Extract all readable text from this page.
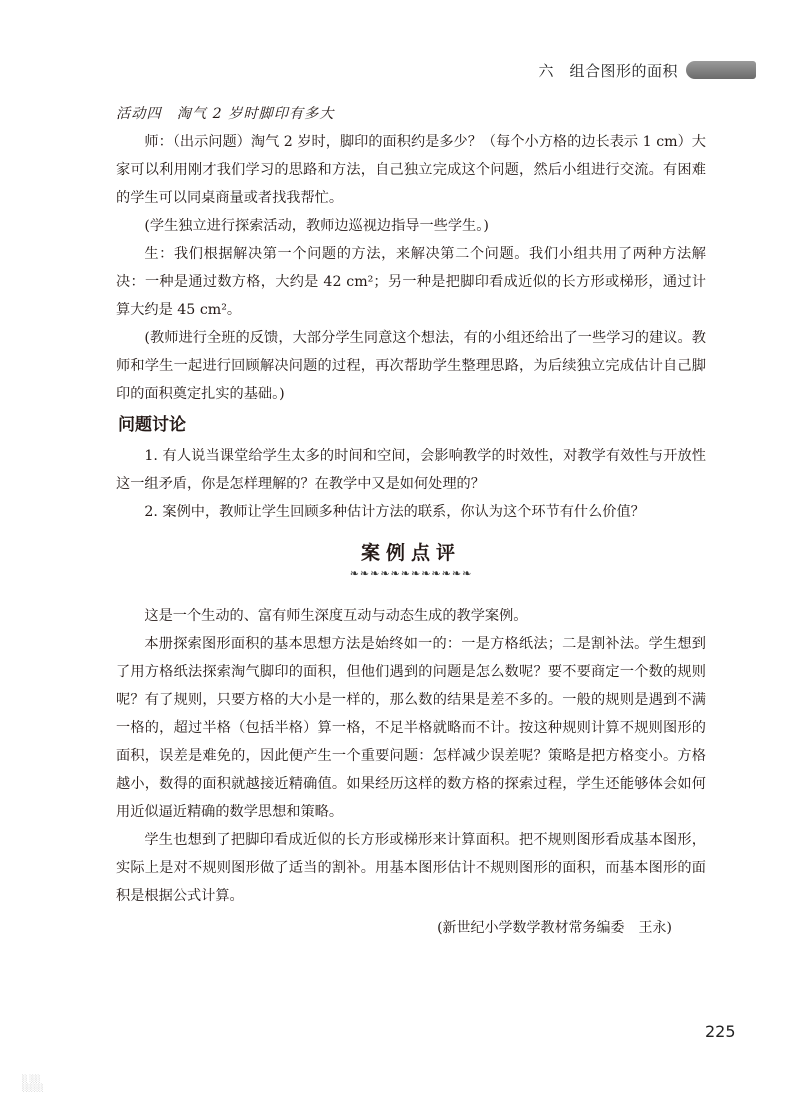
六　组合图形的面积

活动四　淘气 2 岁时脚印有多大

师：（出示问题）淘气 2 岁时，脚印的面积约是多少？（每个小方格的边长表示 1 cm）大家可以利用刚才我们学习的思路和方法，自己独立完成这个问题，然后小组进行交流。有困难的学生可以同桌商量或者找我帮忙。

(学生独立进行探索活动，教师边巡视边指导一些学生。)

生：我们根据解决第一个问题的方法，来解决第二个问题。我们小组共用了两种方法解决：一种是通过数方格，大约是 42 cm²；另一种是把脚印看成近似的长方形或梯形，通过计算大约是 45 cm²。

(教师进行全班的反馈，大部分学生同意这个想法，有的小组还给出了一些学习的建议。教师和学生一起进行回顾解决问题的过程，再次帮助学生整理思路，为后续独立完成估计自己脚印的面积奠定扎实的基础。)

问题讨论

1. 有人说当课堂给学生太多的时间和空间，会影响教学的时效性，对教学有效性与开放性这一组矛盾，你是怎样理解的？在教学中又是如何处理的？

2. 案例中，教师让学生回顾多种估计方法的联系，你认为这个环节有什么价值？

案例点评
❧❧❧❧❧❧❧❧❧❧❧❧

这是一个生动的、富有师生深度互动与动态生成的教学案例。

本册探索图形面积的基本思想方法是始终如一的：一是方格纸法；二是割补法。学生想到了用方格纸法探索淘气脚印的面积，但他们遇到的问题是怎么数呢？要不要商定一个数的规则呢？有了规则，只要方格的大小是一样的，那么数的结果是差不多的。一般的规则是遇到不满一格的，超过半格（包括半格）算一格，不足半格就略而不计。按这种规则计算不规则图形的面积，误差是难免的，因此便产生一个重要问题：怎样减少误差呢？策略是把方格变小。方格越小，数得的面积就越接近精确值。如果经历这样的数方格的探索过程，学生还能够体会如何用近似逼近精确的数学思想和策略。

学生也想到了把脚印看成近似的长方形或梯形来计算面积。把不规则图形看成基本图形，实际上是对不规则图形做了适当的割补。用基本图形估计不规则图形的面积，而基本图形的面积是根据公式计算。

(新世纪小学数学教材常务编委　王永)

225
░ ░░
░░░░
